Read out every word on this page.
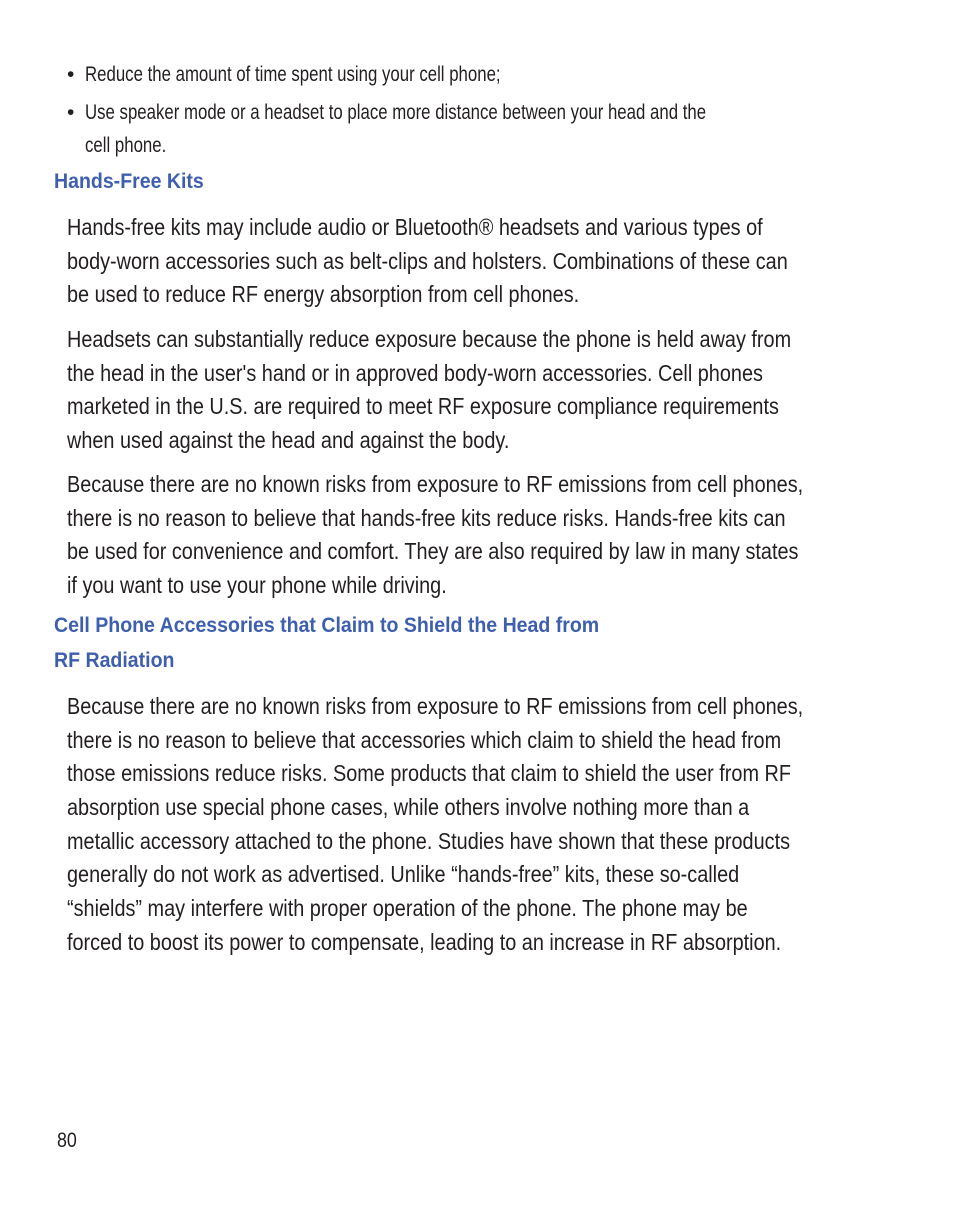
• Reduce the amount of time spent using your cell phone;
• Use speaker mode or a headset to place more distance between your head and the
cell phone.
Hands-Free Kits

Hands-free kits may include audio or Bluetooth® headsets and various types of
body-worn accessories such as belt-clips and holsters. Combinations of these can
be used to reduce RF energy absorption from cell phones.

Headsets can substantially reduce exposure because the phone is held away from
the head in the user's hand or in approved body-worn accessories. Cell phones
marketed in the U.S. are required to meet RF exposure compliance requirements
when used against the head and against the body.

Because there are no known risks from exposure to RF emissions from cell phones,
there is no reason to believe that hands-free kits reduce risks. Hands-free kits can
be used for convenience and comfort. They are also required by law in many states
if you want to use your phone while driving.

Cell Phone Accessories that Claim to Shield the Head from
RF Radiation

Because there are no known risks from exposure to RF emissions from cell phones,
there is no reason to believe that accessories which claim to shield the head from
those emissions reduce risks. Some products that claim to shield the user from RF
absorption use special phone cases, while others involve nothing more than a
metallic accessory attached to the phone. Studies have shown that these products
generally do not work as advertised. Unlike “hands-free” kits, these so-called
“shields” may interfere with proper operation of the phone. The phone may be
forced to boost its power to compensate, leading to an increase in RF absorption.

80
